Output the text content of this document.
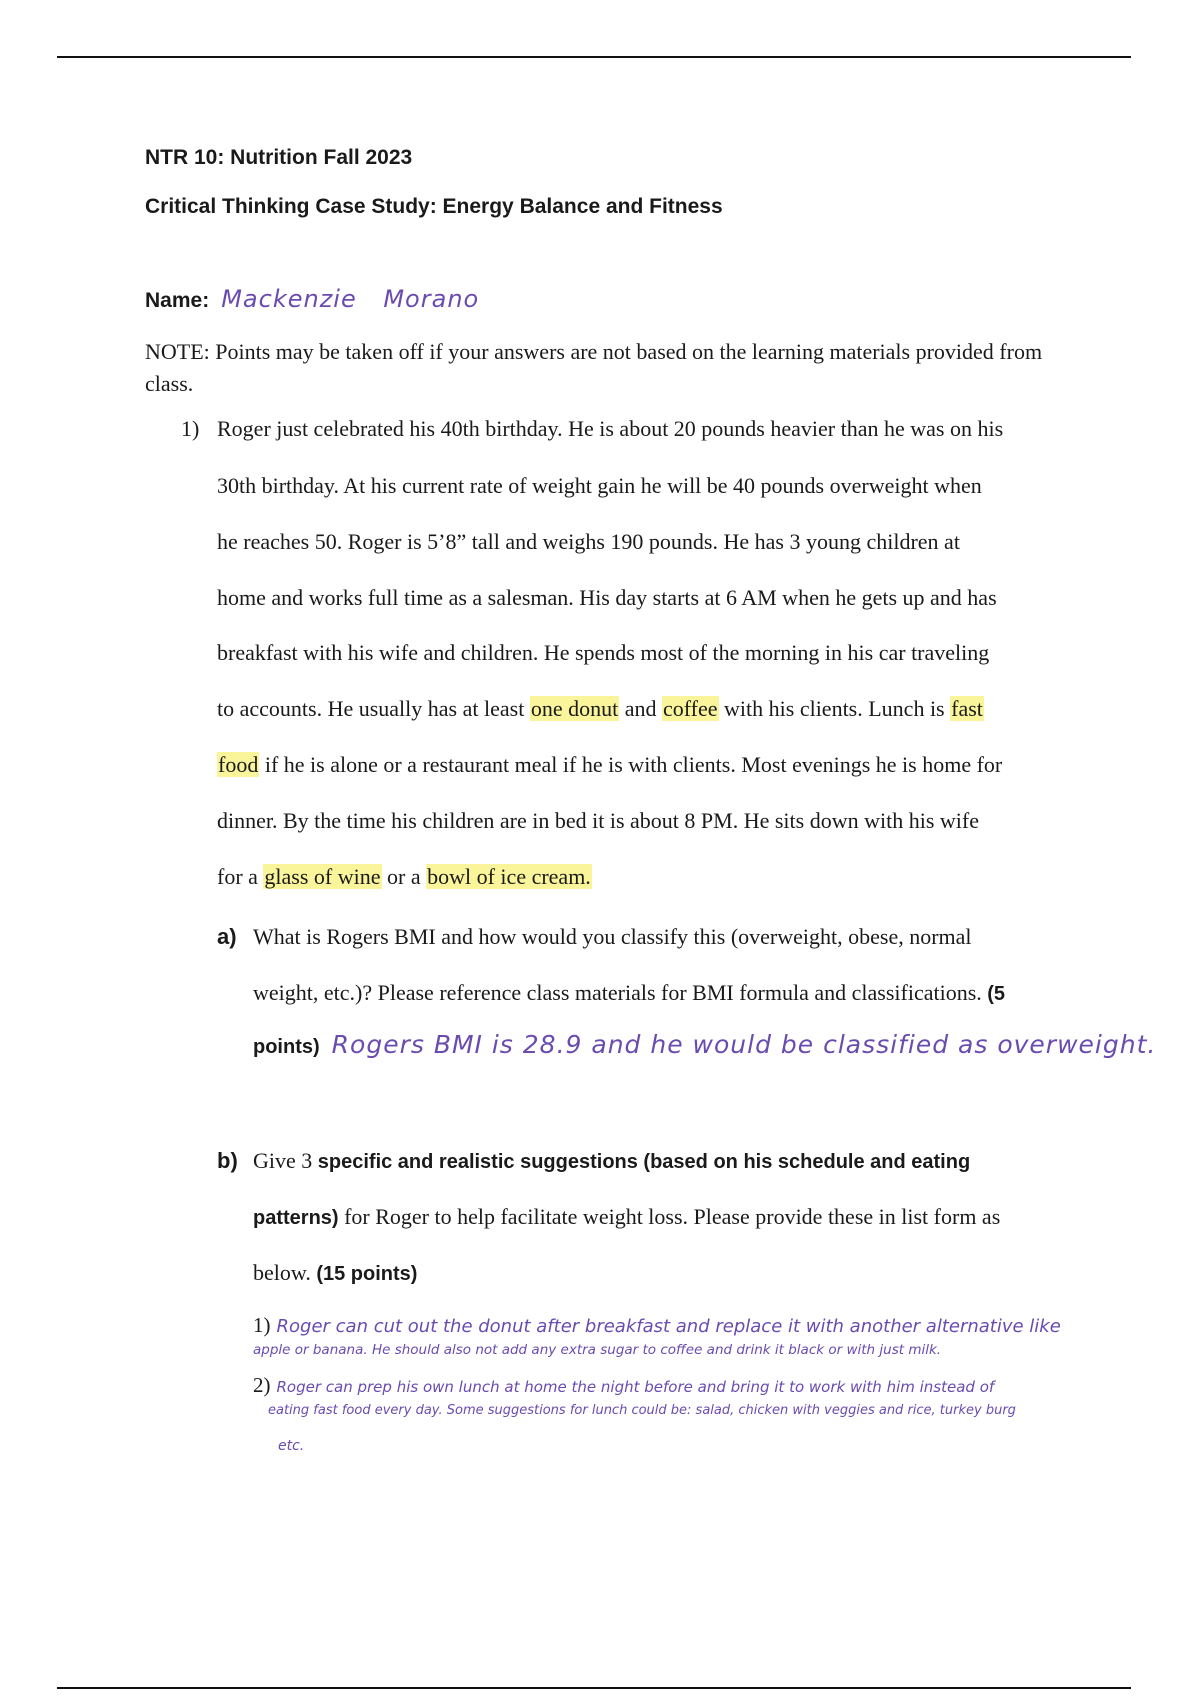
NTR 10: Nutrition Fall 2023
Critical Thinking Case Study: Energy Balance and Fitness
Name: Mackenzie Morano
NOTE: Points may be taken off if your answers are not based on the learning materials provided from class.
1) Roger just celebrated his 40th birthday. He is about 20 pounds heavier than he was on his
30th birthday. At his current rate of weight gain he will be 40 pounds overweight when
he reaches 50. Roger is 5’8” tall and weighs 190 pounds. He has 3 young children at
home and works full time as a salesman. His day starts at 6 AM when he gets up and has
breakfast with his wife and children. He spends most of the morning in his car traveling
to accounts. He usually has at least one donut and coffee with his clients. Lunch is fast
food if he is alone or a restaurant meal if he is with clients. Most evenings he is home for
dinner. By the time his children are in bed it is about 8 PM. He sits down with his wife
for a glass of wine or a bowl of ice cream.
a) What is Rogers BMI and how would you classify this (overweight, obese, normal
weight, etc.)? Please reference class materials for BMI formula and classifications. (5
points) Rogers BMI is 28.9 and he would be classified as overweight.
b) Give 3 specific and realistic suggestions (based on his schedule and eating
patterns) for Roger to help facilitate weight loss. Please provide these in list form as
below. (15 points)
1) Roger can cut out the donut after breakfast and replace it with another alternative like
apple or banana. He should also not add any extra sugar to coffee and drink it black or with just milk.
2) Roger can prep his own lunch at home the night before and bring it to work with him instead of
eating fast food every day. Some suggestions for lunch could be: salad, chicken with veggies and rice, turkey burg
etc.
